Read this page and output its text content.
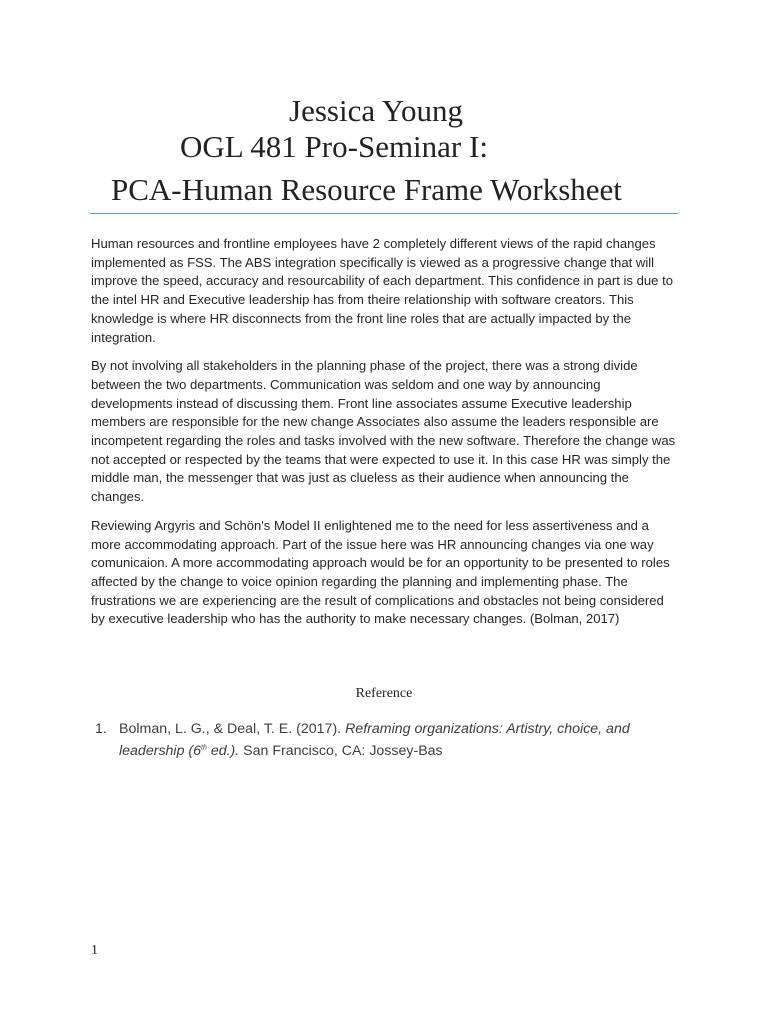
Jessica Young
OGL 481 Pro-Seminar I:
PCA-Human Resource Frame Worksheet

Human resources and frontline employees have 2 completely different views of the rapid changes implemented as FSS. The ABS integration specifically is viewed as a progressive change that will improve the speed, accuracy and resourcability of each department. This confidence in part is due to the intel HR and Executive leadership has from theire relationship with software creators. This knowledge is where HR disconnects from the front line roles that are actually impacted by the integration.

By not involving all stakeholders in the planning phase of the project, there was a strong divide between the two departments. Communication was seldom and one way by announcing developments instead of discussing them. Front line associates assume Executive leadership members are responsible for the new change Associates also assume the leaders responsible are incompetent regarding the roles and tasks involved with the new software. Therefore the change was not accepted or respected by the teams that were expected to use it. In this case HR was simply the middle man, the messenger that was just as clueless as their audience when announcing the changes.

Reviewing Argyris and Schön's Model II enlightened me to the need for less assertiveness and a more accommodating approach. Part of the issue here was HR announcing changes via one way comunicaion. A more accommodating approach would be for an opportunity to be presented to roles affected by the change to voice opinion regarding the planning and implementing phase. The frustrations we are experiencing are the result of complications and obstacles not being considered by executive leadership who has the authority to make necessary changes. (Bolman, 2017)

Reference
1. Bolman, L. G., & Deal, T. E. (2017). Reframing organizations: Artistry, choice, and leadership (6th ed.). San Francisco, CA: Jossey-Bas
1
